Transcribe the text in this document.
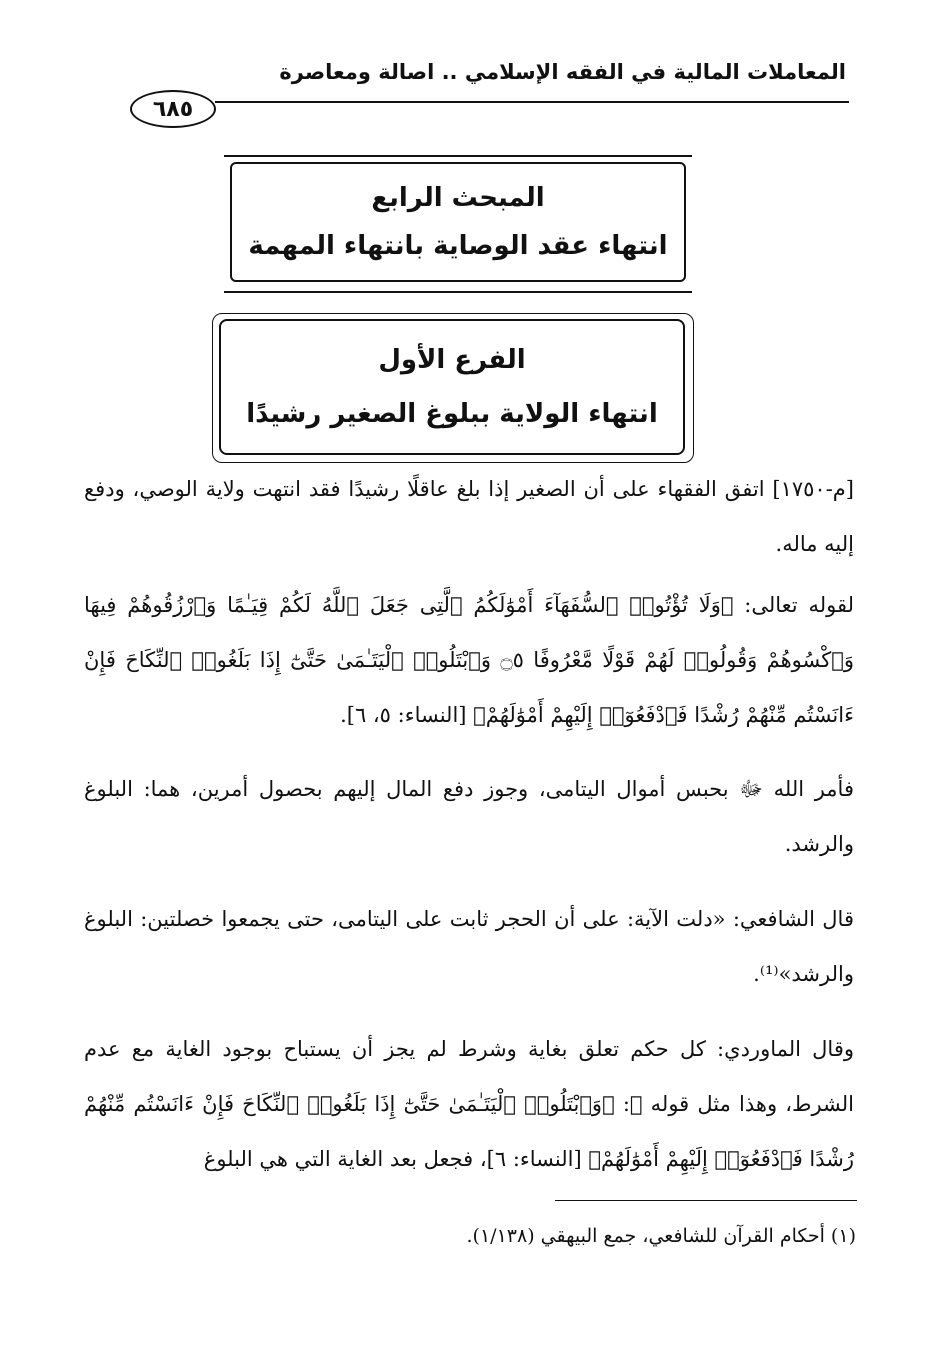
المعاملات المالية في الفقه الإسلامي .. اصالة ومعاصرة
٦٨٥
المبحث الرابع
انتهاء عقد الوصاية بانتهاء المهمة
الفرع الأول
انتهاء الولاية ببلوغ الصغير رشيدًا
[م-١٧٥٠] اتفق الفقهاء على أن الصغير إذا بلغ عاقلًا رشيدًا فقد انتهت ولاية الوصي، ودفع إليه ماله.
لقوله تعالى: ﴿وَلَا تُؤْتُوا۟ ٱلسُّفَهَآءَ أَمْوَٰلَكُمُ ٱلَّتِى جَعَلَ ٱللَّهُ لَكُمْ قِيَـٰمًا وَٱرْزُقُوهُمْ فِيهَا وَٱكْسُوهُمْ وَقُولُوا۟ لَهُمْ قَوْلًا مَّعْرُوفًا ۝٥ وَٱبْتَلُوا۟ ٱلْيَتَـٰمَىٰ حَتَّىٰٓ إِذَا بَلَغُوا۟ ٱلنِّكَاحَ فَإِنْ ءَانَسْتُم مِّنْهُمْ رُشْدًا فَٱدْفَعُوٓا۟ إِلَيْهِمْ أَمْوَٰلَهُمْ﴾ [النساء: ٥، ٦].
فأمر الله ﷻ بحبس أموال اليتامى، وجوز دفع المال إليهم بحصول أمرين، هما: البلوغ والرشد.
قال الشافعي: «دلت الآية: على أن الحجر ثابت على اليتامى، حتى يجمعوا خصلتين: البلوغ والرشد»⁽¹⁾.
وقال الماوردي: كل حكم تعلق بغاية وشرط لم يجز أن يستباح بوجود الغاية مع عدم الشرط، وهذا مثل قوله ﷻ: ﴿وَٱبْتَلُوا۟ ٱلْيَتَـٰمَىٰ حَتَّىٰٓ إِذَا بَلَغُوا۟ ٱلنِّكَاحَ فَإِنْ ءَانَسْتُم مِّنْهُمْ رُشْدًا فَٱدْفَعُوٓا۟ إِلَيْهِمْ أَمْوَٰلَهُمْ﴾ [النساء: ٦]، فجعل بعد الغاية التي هي البلوغ
(١) أحكام القرآن للشافعي، جمع البيهقي (١/١٣٨).
